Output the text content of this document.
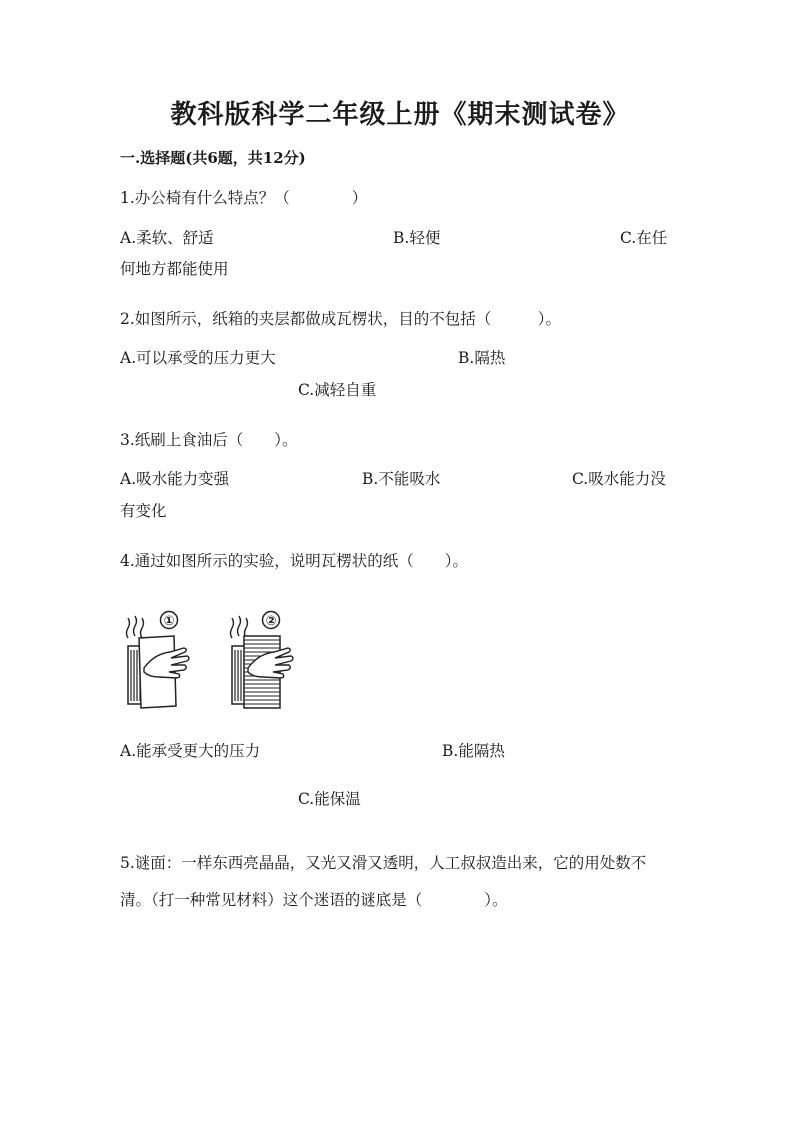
教科版科学二年级上册《期末测试卷》
一.选择题(共6题，共12分)
1.办公椅有什么特点？（　　　　）
A.柔软、舒适	B.轻便	C.在任
何地方都能使用
2.如图所示，纸箱的夹层都做成瓦楞状，目的不包括（　　　）。
A.可以承受的压力更大	B.隔热
C.减轻自重
3.纸刷上食油后（　　）。
A.吸水能力变强	B.不能吸水	C.吸水能力没
有变化
4.通过如图所示的实验，说明瓦楞状的纸（　　）。
①	②
A.能承受更大的压力	B.能隔热
C.能保温
5.谜面：一样东西亮晶晶，又光又滑又透明，人工叔叔造出来，它的用处数不
清。（打一种常见材料）这个迷语的谜底是（　　　　）。
